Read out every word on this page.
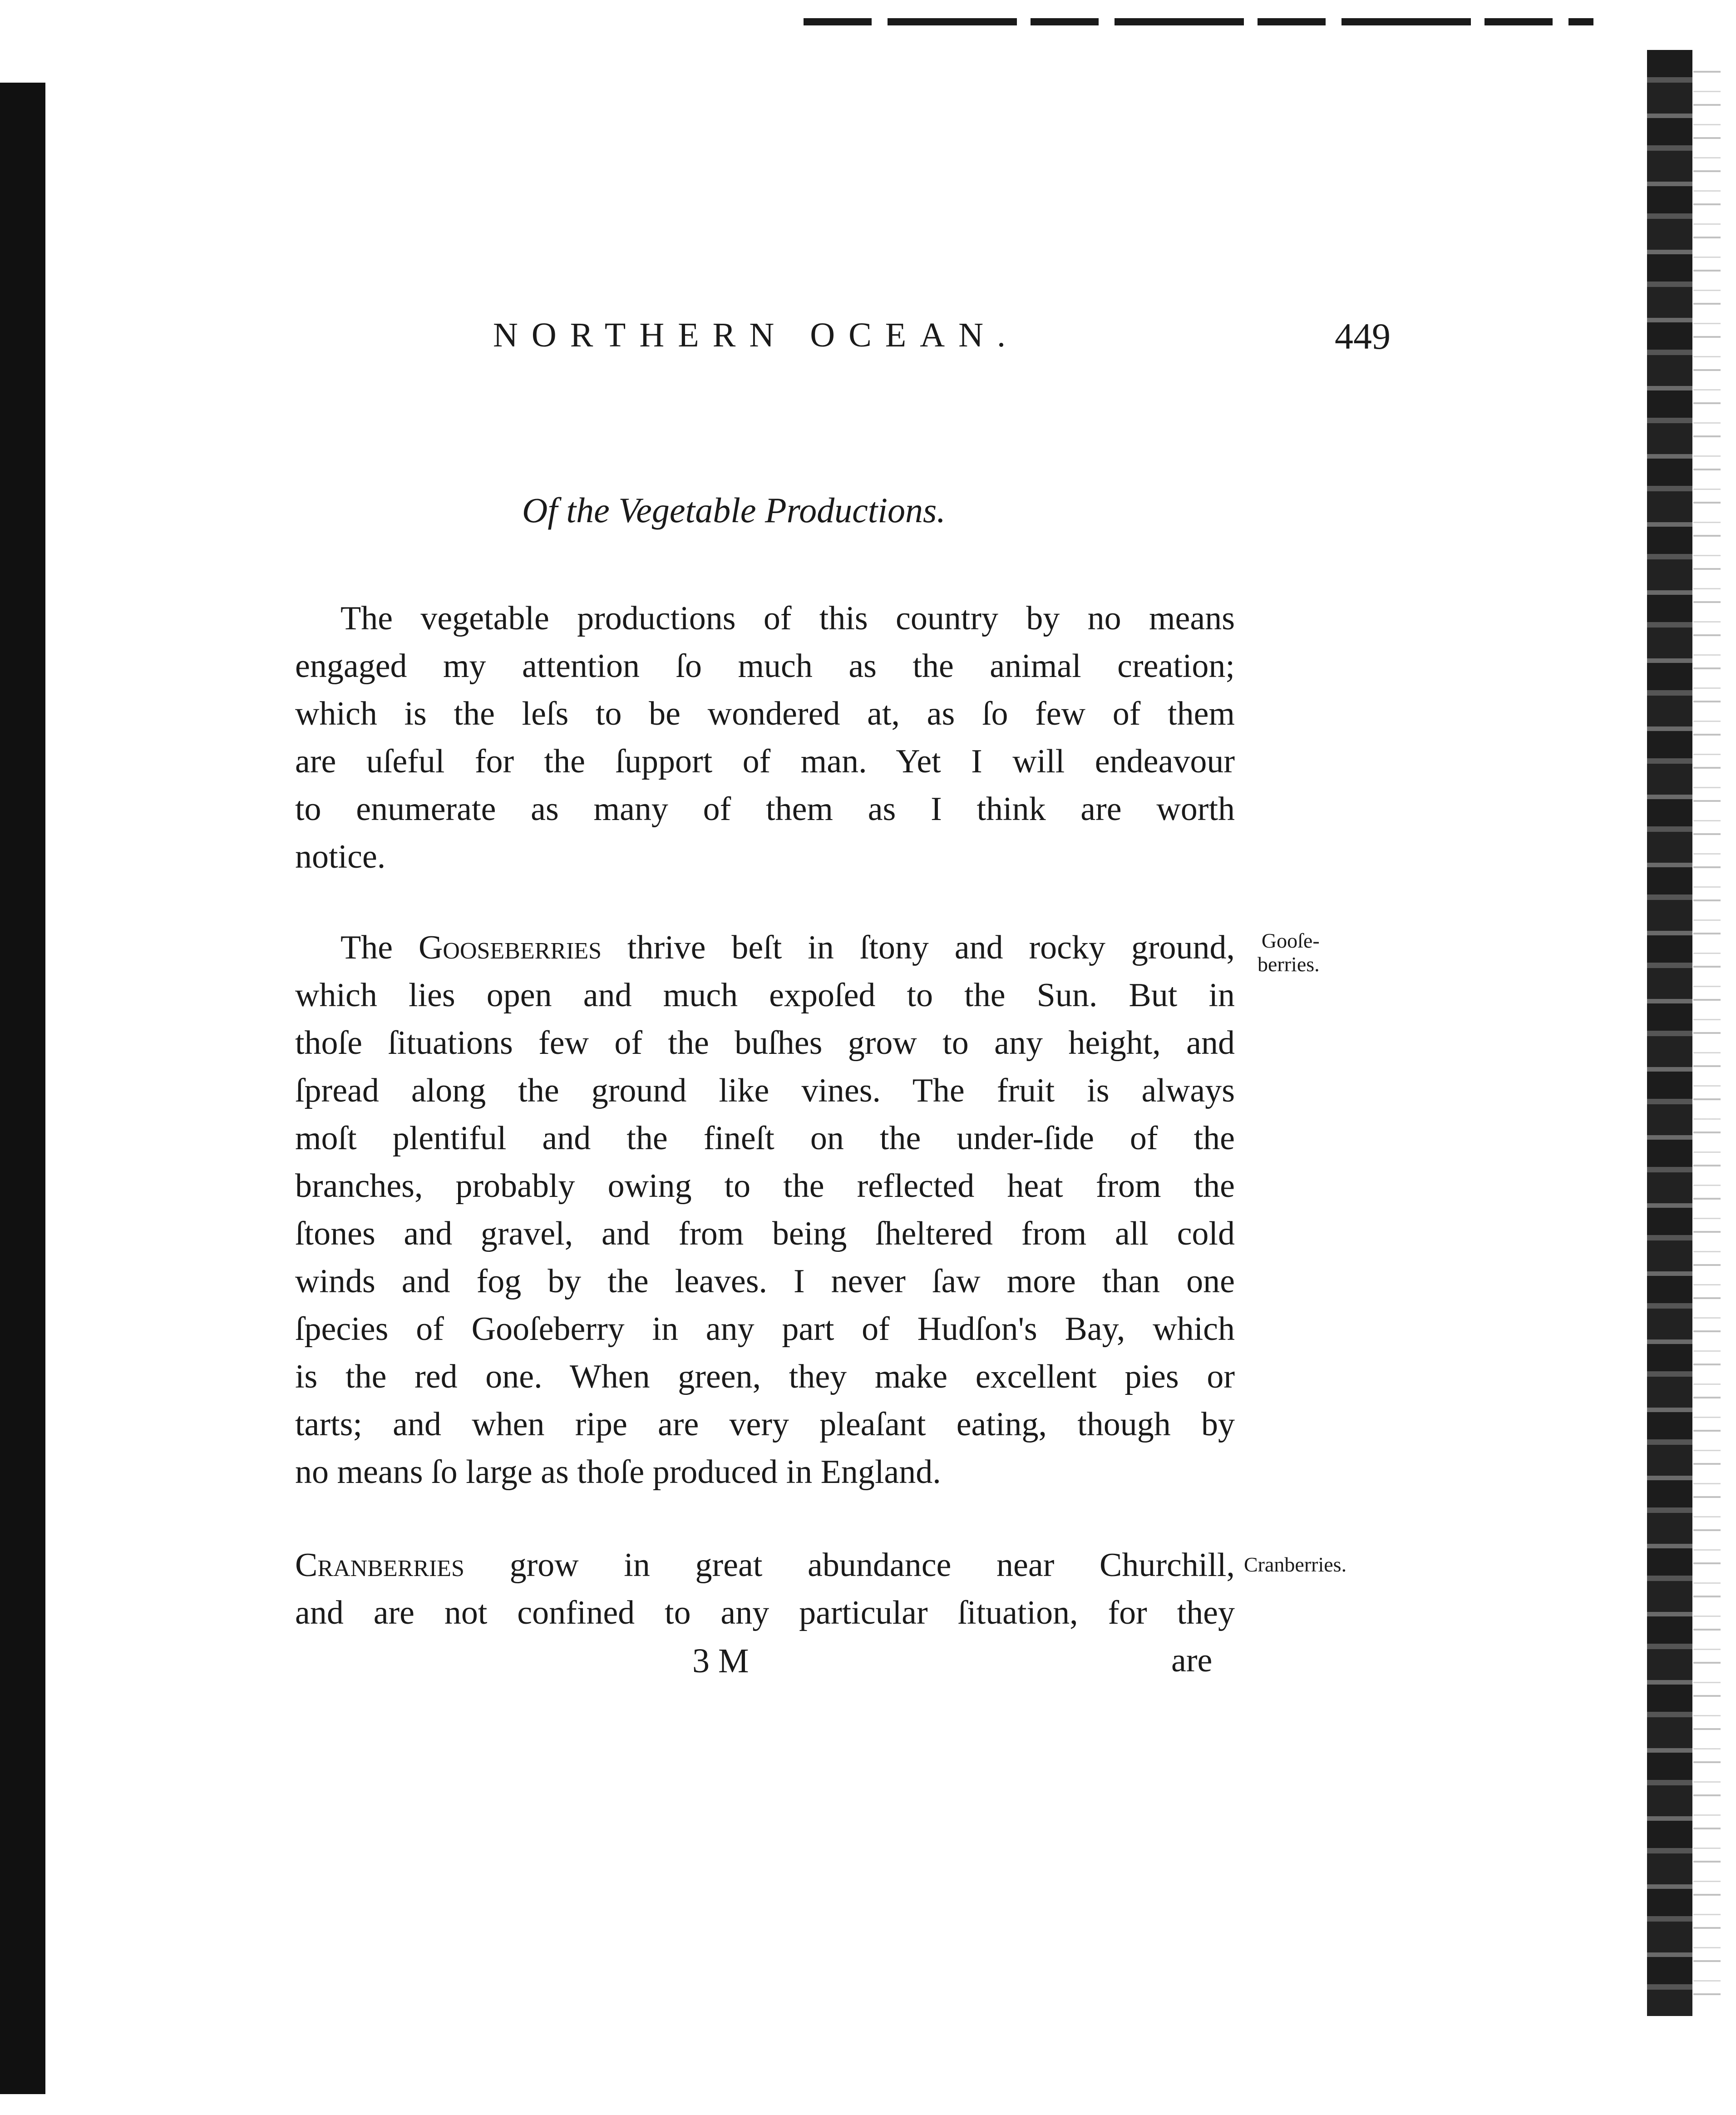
NORTHERN OCEAN.	449
Of the Vegetable Productions.
The vegetable productions of this country by no means
engaged my attention ſo much as the animal creation;
which is the leſs to be wondered at, as ſo few of them
are uſeful for the ſupport of man. Yet I will endeavour
to enumerate as many of them as I think are worth
notice.
The Gooseberries thrive beſt in ſtony and rocky ground,
which lies open and much expoſed to the Sun. But in
thoſe ſituations few of the buſhes grow to any height, and
ſpread along the ground like vines. The fruit is always
moſt plentiful and the fineſt on the under-ſide of the
branches, probably owing to the reflected heat from the
ſtones and gravel, and from being ſheltered from all cold
winds and fog by the leaves. I never ſaw more than one
ſpecies of Gooſeberry in any part of Hudſon's Bay, which
is the red one. When green, they make excellent pies or
tarts; and when ripe are very pleaſant eating, though by
no means ſo large as thoſe produced in England.
Cranberries grow in great abundance near Churchill,
and are not confined to any particular ſituation, for they
Gooſe-
berries.
Cranberries.
3 M	are
